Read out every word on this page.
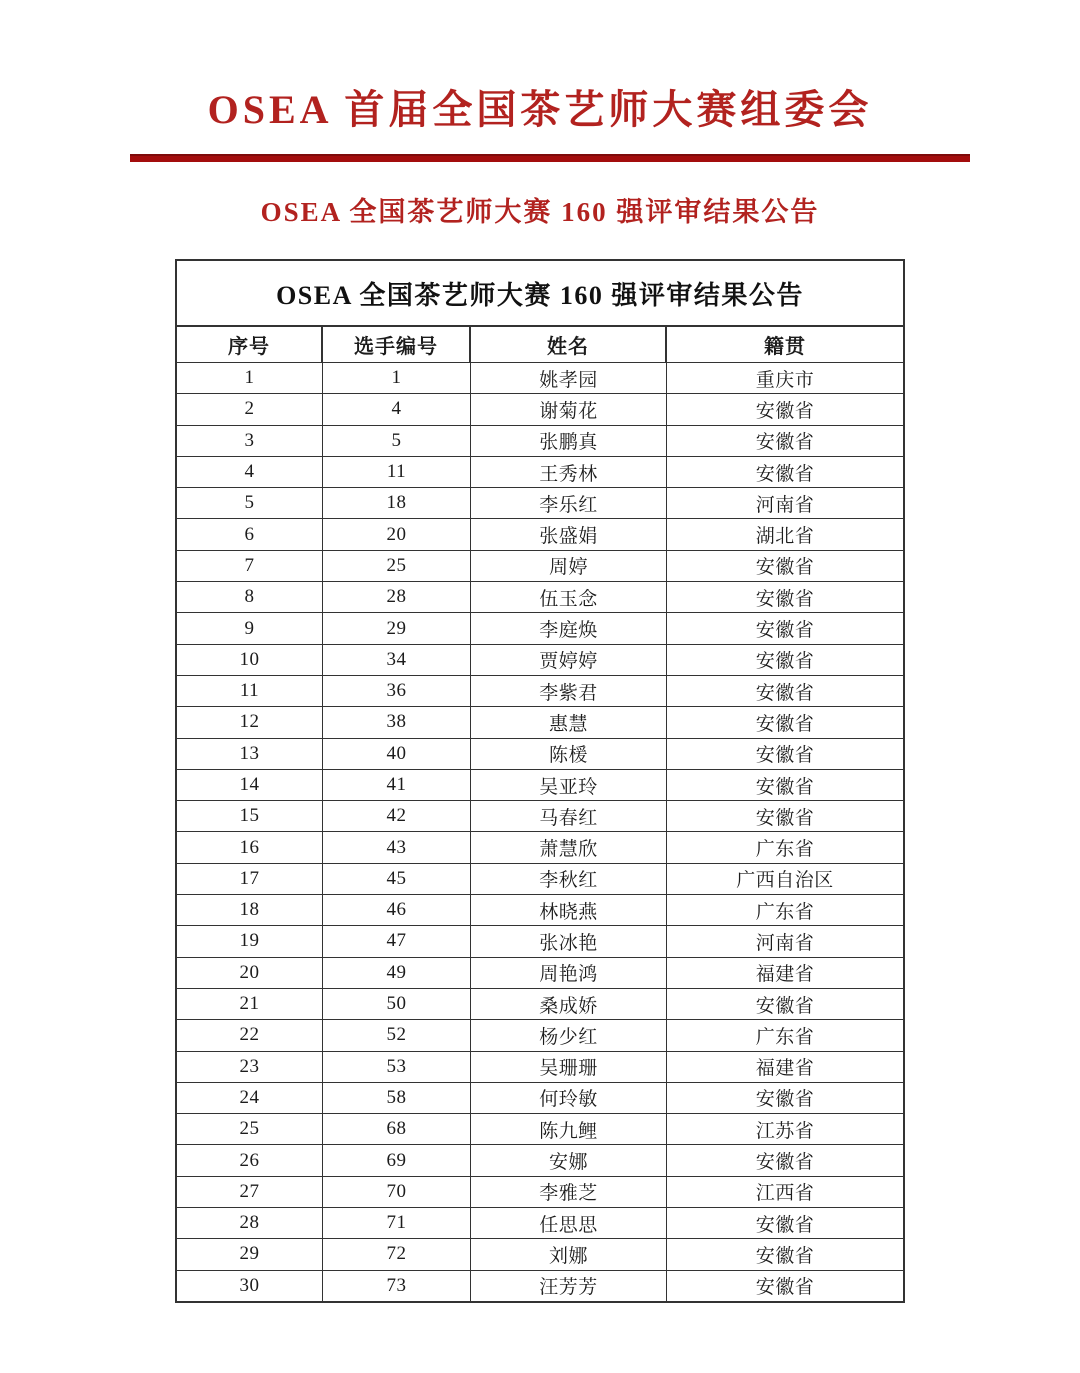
OSEA 首届全国茶艺师大赛组委会
OSEA 全国茶艺师大赛 160 强评审结果公告
OSEA 全国茶艺师大赛 160 强评审结果公告
序号	选手编号	姓名	籍贯
1	1	姚孝园	重庆市
2	4	谢菊花	安徽省
3	5	张鹏真	安徽省
4	11	王秀林	安徽省
5	18	李乐红	河南省
6	20	张盛娟	湖北省
7	25	周婷	安徽省
8	28	伍玉念	安徽省
9	29	李庭焕	安徽省
10	34	贾婷婷	安徽省
11	36	李紫君	安徽省
12	38	惠慧	安徽省
13	40	陈楥	安徽省
14	41	吴亚玲	安徽省
15	42	马春红	安徽省
16	43	萧慧欣	广东省
17	45	李秋红	广西自治区
18	46	林晓燕	广东省
19	47	张冰艳	河南省
20	49	周艳鸿	福建省
21	50	桑成娇	安徽省
22	52	杨少红	广东省
23	53	吴珊珊	福建省
24	58	何玲敏	安徽省
25	68	陈九鲤	江苏省
26	69	安娜	安徽省
27	70	李雅芝	江西省
28	71	任思思	安徽省
29	72	刘娜	安徽省
30	73	汪芳芳	安徽省
